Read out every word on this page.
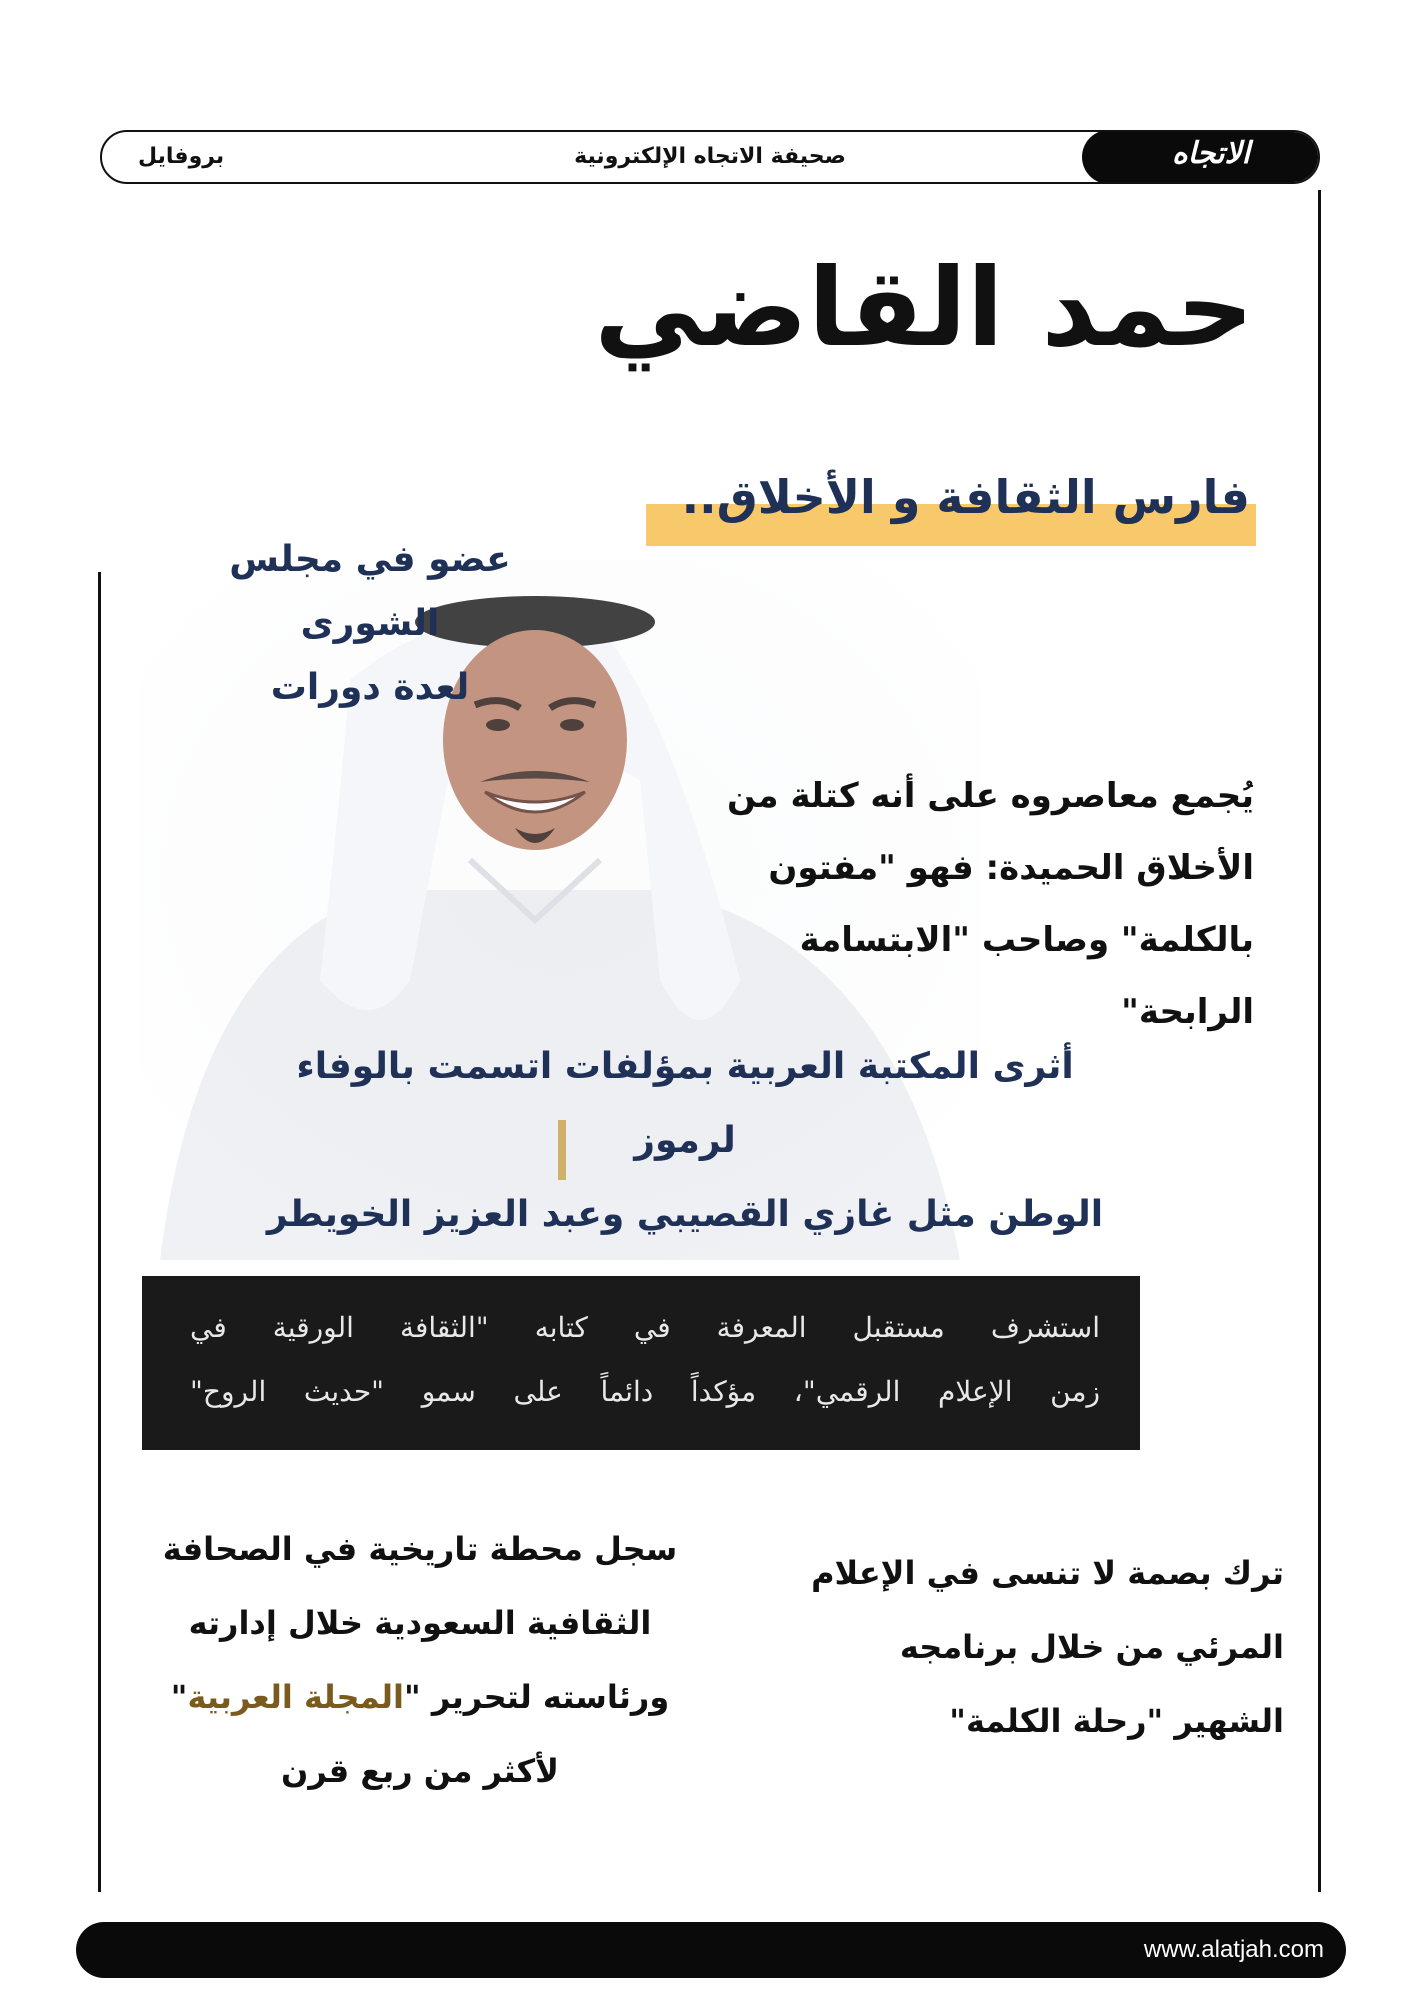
الاتجاه
صحيفة الاتجاه الإلكترونية
بروفايل
حمد القاضي
فارس الثقافة و الأخلاق..
عضو في مجلس الشورى
لعدة دورات
يُجمع معاصروه على أنه كتلة من
الأخلاق الحميدة: فهو "مفتون
بالكلمة" وصاحب "الابتسامة الرابحة"
أثرى المكتبة العربية بمؤلفات اتسمت بالوفاء لرموز
الوطن مثل غازي القصيبي وعبد العزيز الخويطر
استشرف مستقبل المعرفة في كتابه "الثقافة الورقية في
زمن الإعلام الرقمي"، مؤكداً دائماً على سمو "حديث الروح"
سجل محطة تاريخية في الصحافة
الثقافية السعودية خلال إدارته
ورئاسته لتحرير "المجلة العربية"
لأكثر من ربع قرن
ترك بصمة لا تنسى في الإعلام
المرئي من خلال برنامجه
الشهير "رحلة الكلمة"
www.alatjah.com
